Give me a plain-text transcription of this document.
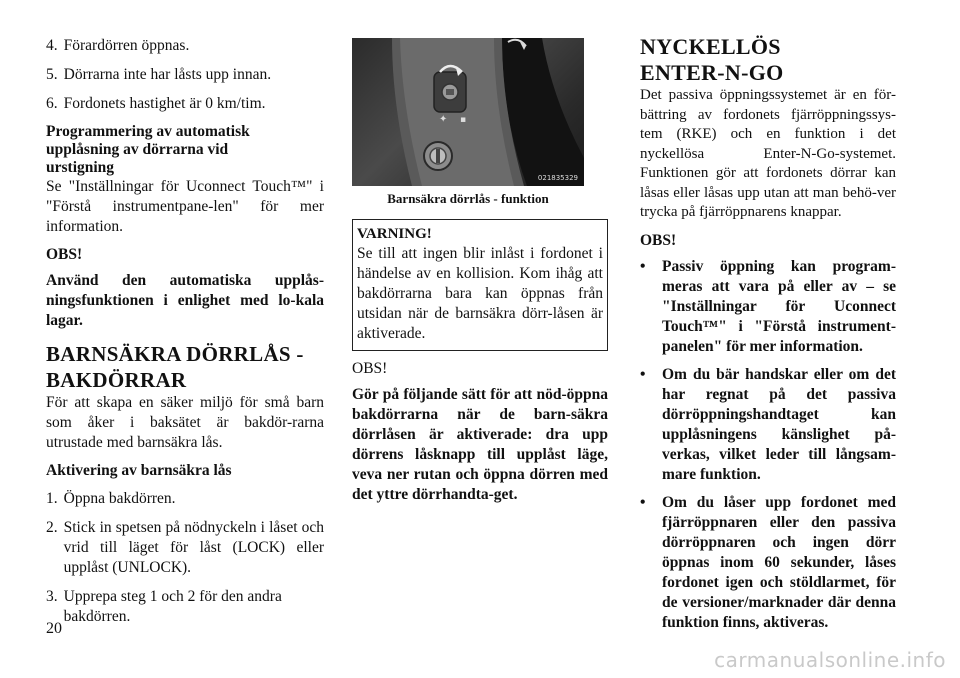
4. Förardörren öppnas.
5. Dörrarna inte har låsts upp innan.
6. Fordonets hastighet är 0 km/tim.
Programmering av automatisk
upplåsning av dörrarna vid
urstigning

Se "Inställningar för Uconnect Touch™" i "Förstå instrumentpane-len" för mer information.

OBS!

Använd den automatiska upplås-ningsfunktionen i enlighet med lo-kala lagar.

BARNSÄKRA DÖRRLÅS -
BAKDÖRRAR

För att skapa en säker miljö för små barn som åker i baksätet är bakdör-rarna utrustade med barnsäkra lås.

Aktivering av barnsäkra lås

1. Öppna bakdörren.
2. Stick in spetsen på nödnyckeln i låset och vrid till läget för låst (LOCK) eller upplåst (UNLOCK).
3. Upprepa steg 1 och 2 för den andra bakdörren.
✦ ▪
021835329
Barnsäkra dörrlås - funktion
VARNING!

Se till att ingen blir inlåst i fordonet i händelse av en kollision. Kom ihåg att bakdörrarna bara kan öppnas från utsidan när de barnsäkra dörr-låsen är aktiverade.

OBS!

Gör på följande sätt för att nöd-öppna bakdörrarna när de barn-säkra dörrlåsen är aktiverade: dra upp dörrens låsknapp till upplåst läge, veva ner rutan och öppna dörren med det yttre dörrhandta-get.

NYCKELLÖS
ENTER-N-GO

Det passiva öppningssystemet är en för-bättring av fordonets fjärröppningssys-tem (RKE) och en funktion i det nyckellösa Enter-N-Go-systemet. Funktionen gör att fordonets dörrar kan låsas eller låsas upp utan att man behö-ver trycka på fjärröppnarens knappar.

OBS!

•	Passiv öppning kan program-meras att vara på eller av – se "Inställningar för Uconnect Touch™" i "Förstå instrument-panelen" för mer information.
•	Om du bär handskar eller om det har regnat på det passiva dörröppningshandtaget kan upplåsningens känslighet på-verkas, vilket leder till långsam-mare funktion.
•	Om du låser upp fordonet med fjärröppnaren eller den passiva dörröppnaren och ingen dörr öppnas inom 60 sekunder, låses fordonet igen och stöldlarmet, för de versioner/marknader där denna funktion finns, aktiveras.
20
carmanualsonline.info
